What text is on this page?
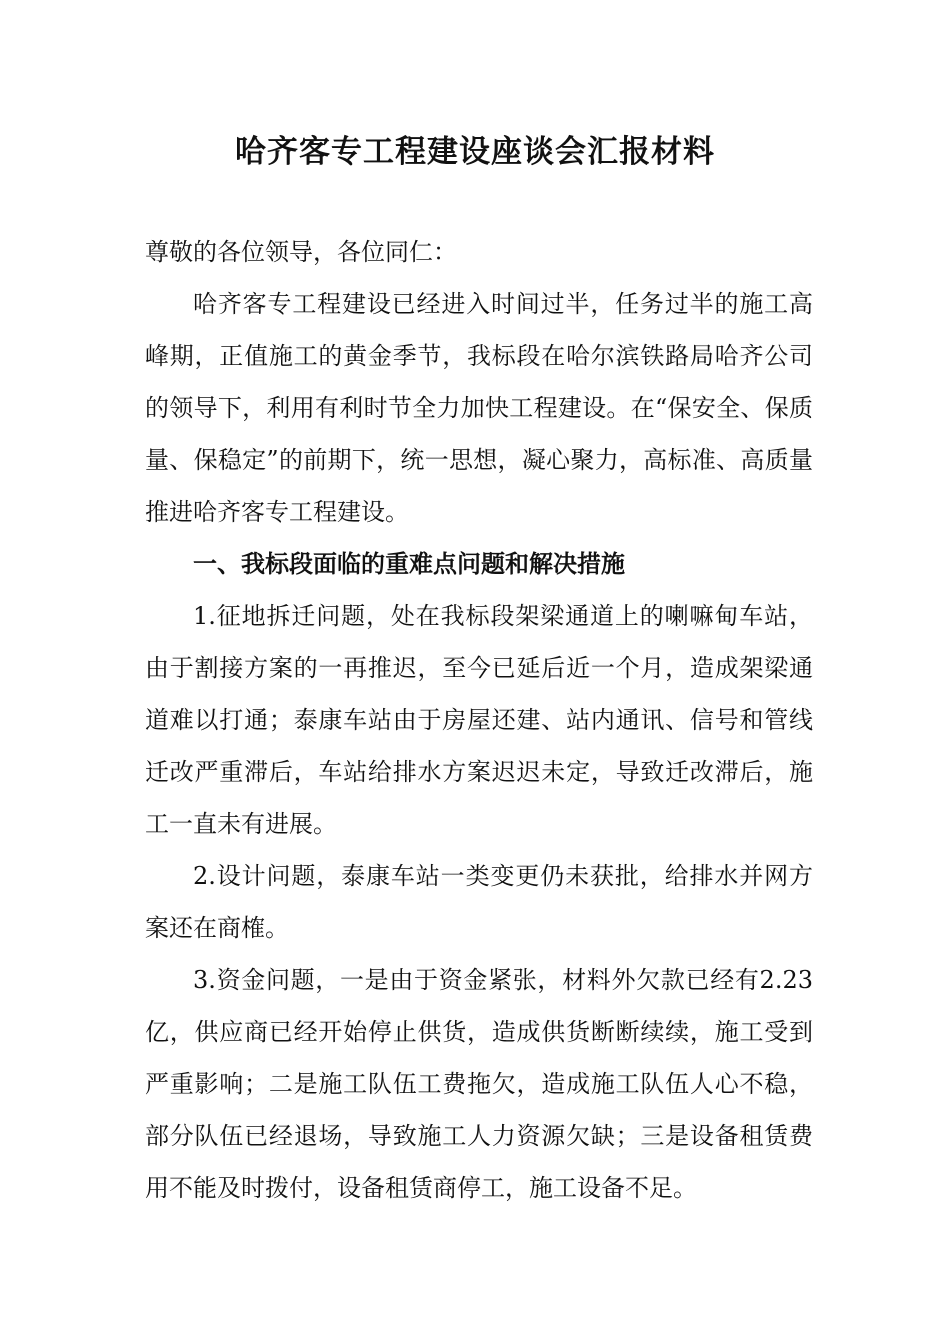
哈齐客专工程建设座谈会汇报材料

尊敬的各位领导，各位同仁：

哈齐客专工程建设已经进入时间过半，任务过半的施工高峰期，正值施工的黄金季节，我标段在哈尔滨铁路局哈齐公司的领导下，利用有利时节全力加快工程建设。在“保安全、保质量、保稳定”的前期下，统一思想，凝心聚力，高标准、高质量推进哈齐客专工程建设。

一、我标段面临的重难点问题和解决措施

1.征地拆迁问题，处在我标段架梁通道上的喇嘛甸车站，由于割接方案的一再推迟，至今已延后近一个月，造成架梁通道难以打通；泰康车站由于房屋还建、站内通讯、信号和管线迁改严重滞后，车站给排水方案迟迟未定，导致迁改滞后，施工一直未有进展。

2.设计问题，泰康车站一类变更仍未获批，给排水并网方案还在商榷。

3.资金问题，一是由于资金紧张，材料外欠款已经有2.23亿，供应商已经开始停止供货，造成供货断断续续，施工受到严重影响；二是施工队伍工费拖欠，造成施工队伍人心不稳，部分队伍已经退场，导致施工人力资源欠缺；三是设备租赁费用不能及时拨付，设备租赁商停工，施工设备不足。
